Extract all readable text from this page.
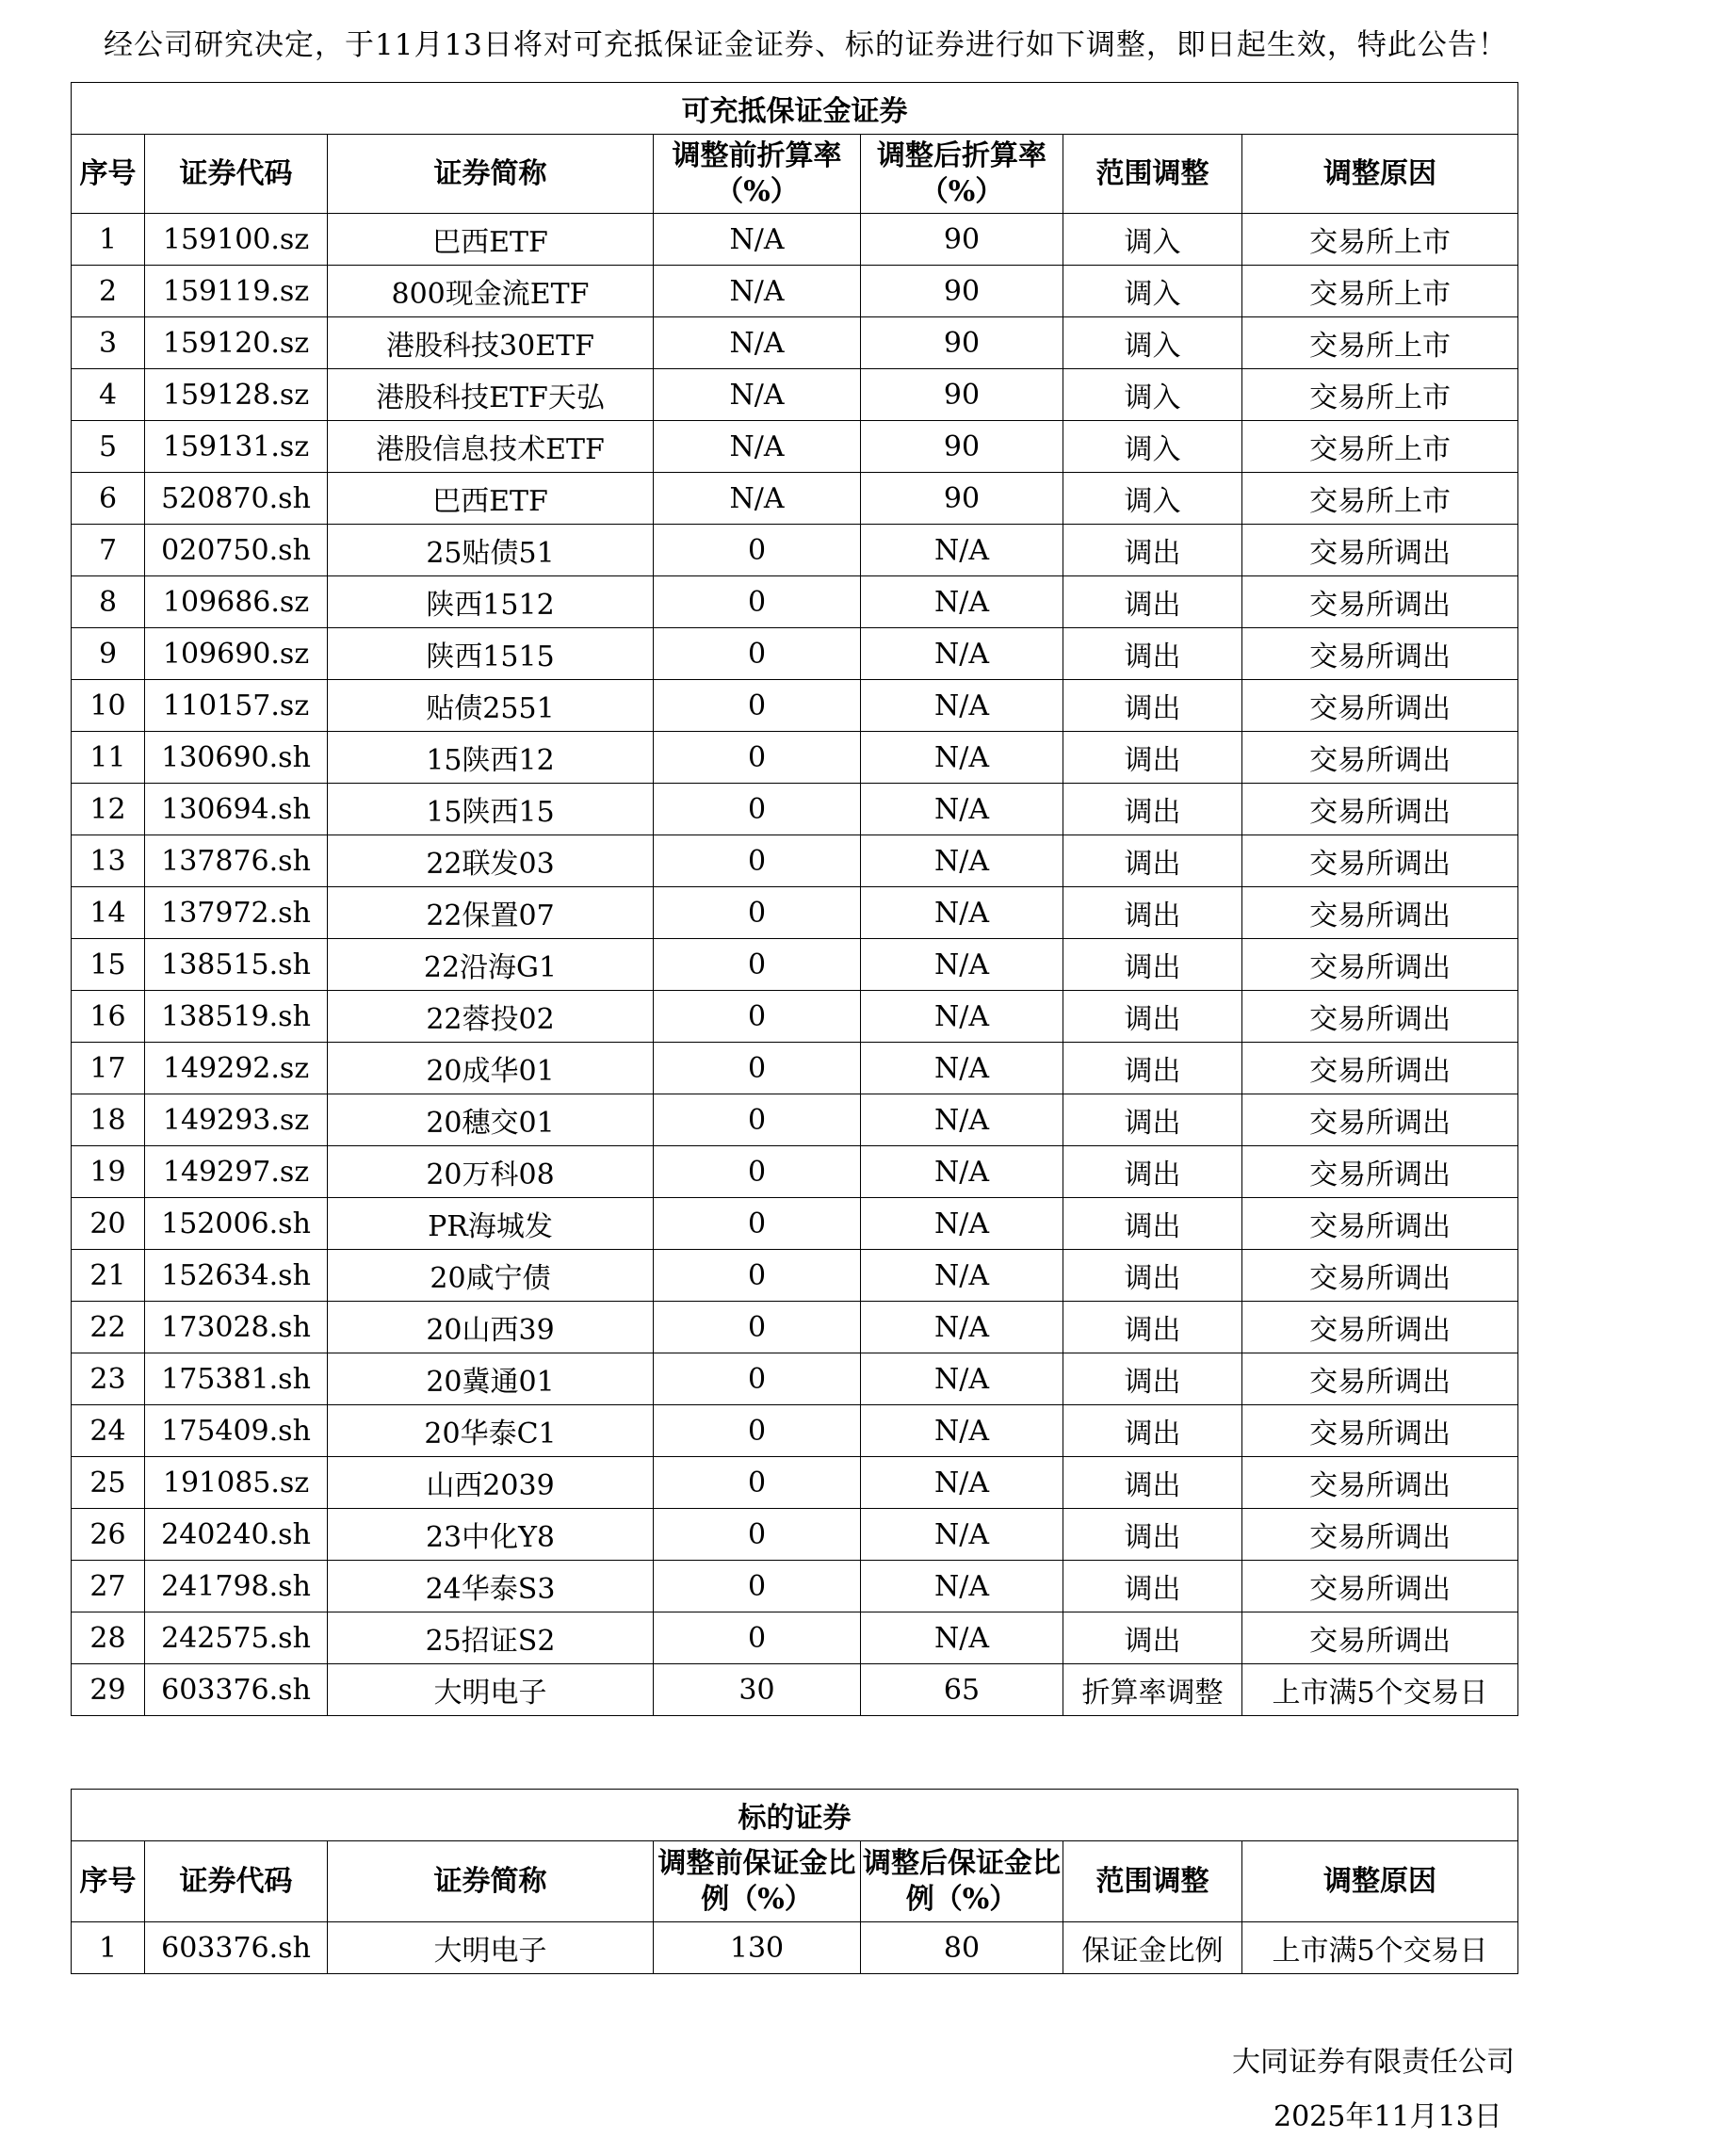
经公司研究决定，于11月13日将对可充抵保证金证券、标的证券进行如下调整，即日起生效，特此公告！
可充抵保证金证券						
序号	证券代码	证券简称	调整前折算率（%）	调整后折算率（%）	范围调整	调整原因
1	159100.sz	巴西ETF	N/A	90	调入	交易所上市
2	159119.sz	800现金流ETF	N/A	90	调入	交易所上市
3	159120.sz	港股科技30ETF	N/A	90	调入	交易所上市
4	159128.sz	港股科技ETF天弘	N/A	90	调入	交易所上市
5	159131.sz	港股信息技术ETF	N/A	90	调入	交易所上市
6	520870.sh	巴西ETF	N/A	90	调入	交易所上市
7	020750.sh	25贴债51	0	N/A	调出	交易所调出
8	109686.sz	陕西1512	0	N/A	调出	交易所调出
9	109690.sz	陕西1515	0	N/A	调出	交易所调出
10	110157.sz	贴债2551	0	N/A	调出	交易所调出
11	130690.sh	15陕西12	0	N/A	调出	交易所调出
12	130694.sh	15陕西15	0	N/A	调出	交易所调出
13	137876.sh	22联发03	0	N/A	调出	交易所调出
14	137972.sh	22保置07	0	N/A	调出	交易所调出
15	138515.sh	22沿海G1	0	N/A	调出	交易所调出
16	138519.sh	22蓉投02	0	N/A	调出	交易所调出
17	149292.sz	20成华01	0	N/A	调出	交易所调出
18	149293.sz	20穗交01	0	N/A	调出	交易所调出
19	149297.sz	20万科08	0	N/A	调出	交易所调出
20	152006.sh	PR海城发	0	N/A	调出	交易所调出
21	152634.sh	20咸宁债	0	N/A	调出	交易所调出
22	173028.sh	20山西39	0	N/A	调出	交易所调出
23	175381.sh	20冀通01	0	N/A	调出	交易所调出
24	175409.sh	20华泰C1	0	N/A	调出	交易所调出
25	191085.sz	山西2039	0	N/A	调出	交易所调出
26	240240.sh	23中化Y8	0	N/A	调出	交易所调出
27	241798.sh	24华泰S3	0	N/A	调出	交易所调出
28	242575.sh	25招证S2	0	N/A	调出	交易所调出
29	603376.sh	大明电子	30	65	折算率调整	上市满5个交易日
标的证券						
序号	证券代码	证券简称	调整前保证金比例（%）	调整后保证金比例（%）	范围调整	调整原因
1	603376.sh	大明电子	130	80	保证金比例	上市满5个交易日
大同证券有限责任公司
2025年11月13日
